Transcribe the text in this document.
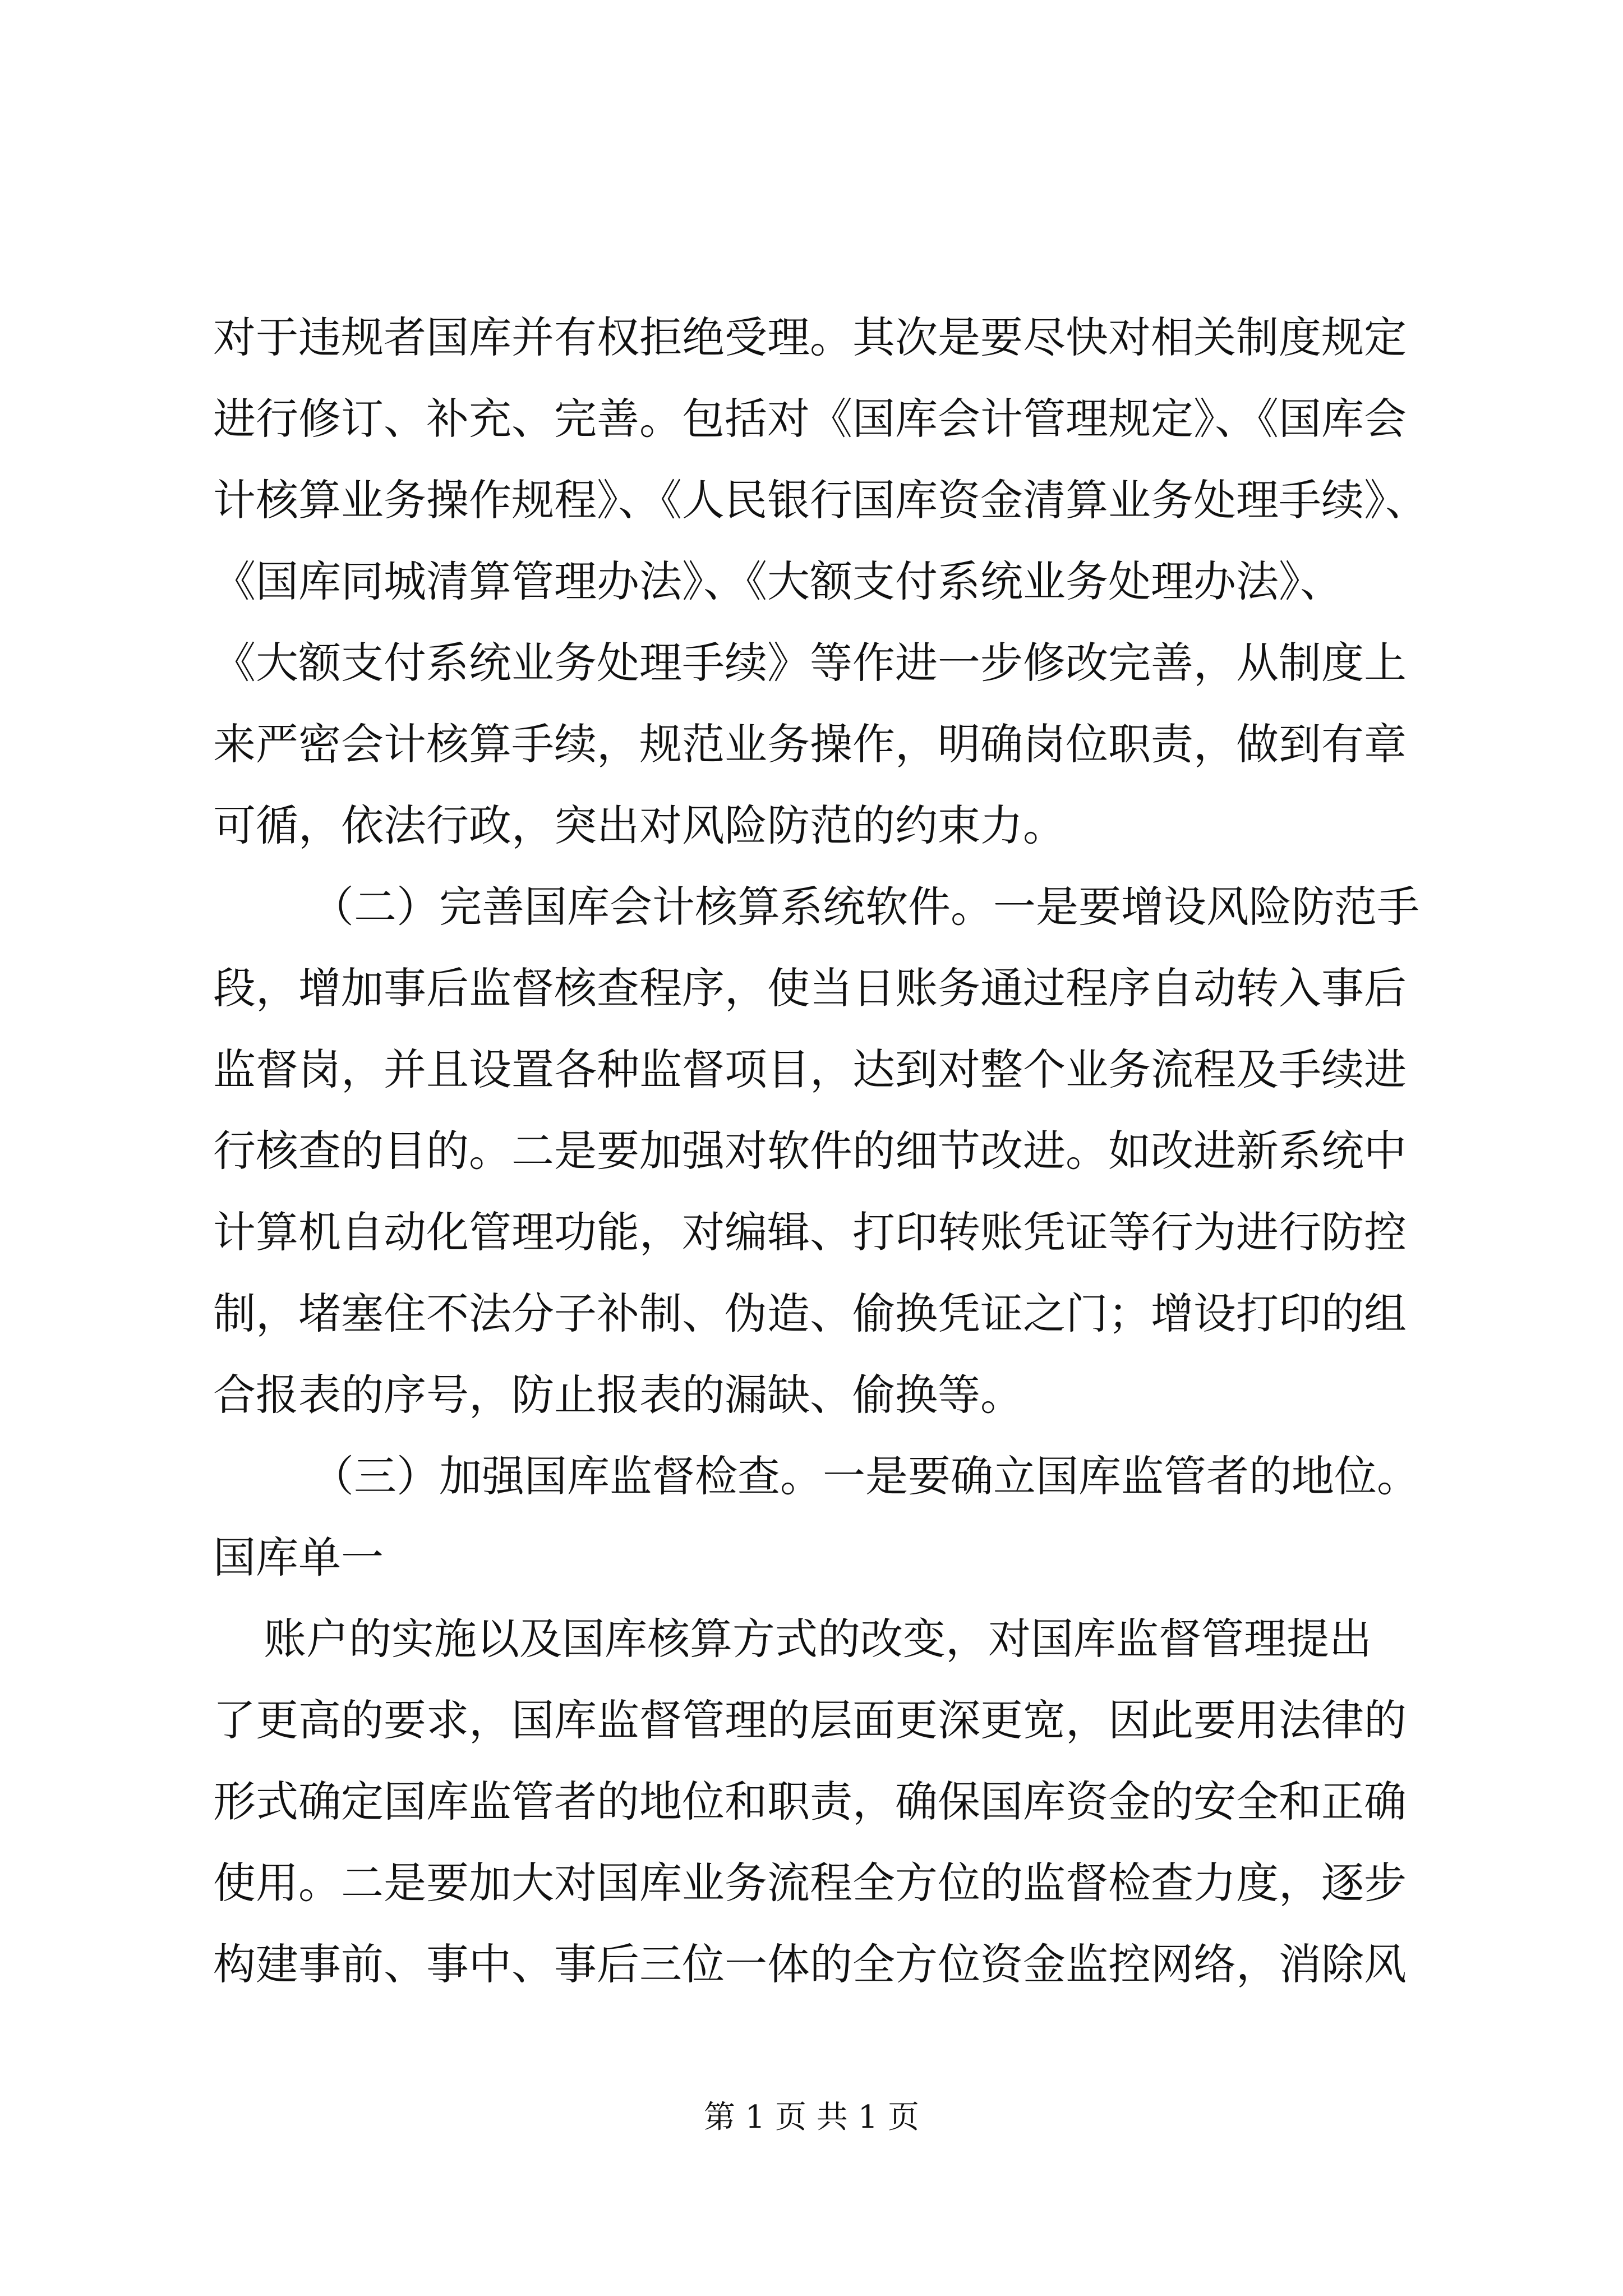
对于违规者国库并有权拒绝受理。其次是要尽快对相关制度规定
进行修订、补充、完善。包括对《国库会计管理规定》、《国库会
计核算业务操作规程》、《人民银行国库资金清算业务处理手续》、
《国库同城清算管理办法》、《大额支付系统业务处理办法》、
《大额支付系统业务处理手续》等作进一步修改完善，从制度上
来严密会计核算手续，规范业务操作，明确岗位职责，做到有章
可循，依法行政，突出对风险防范的约束力。
（二）完善国库会计核算系统软件。一是要增设风险防范手
段，增加事后监督核查程序，使当日账务通过程序自动转入事后
监督岗，并且设置各种监督项目，达到对整个业务流程及手续进
行核查的目的。二是要加强对软件的细节改进。如改进新系统中
计算机自动化管理功能，对编辑、打印转账凭证等行为进行防控
制，堵塞住不法分子补制、伪造、偷换凭证之门；增设打印的组
合报表的序号，防止报表的漏缺、偷换等。
（三）加强国库监督检查。一是要确立国库监管者的地位。
国库单一
账户的实施以及国库核算方式的改变，对国库监督管理提出
了更高的要求，国库监督管理的层面更深更宽，因此要用法律的
形式确定国库监管者的地位和职责，确保国库资金的安全和正确
使用。二是要加大对国库业务流程全方位的监督检查力度，逐步
构建事前、事中、事后三位一体的全方位资金监控网络，消除风
第 1 页 共 1 页
